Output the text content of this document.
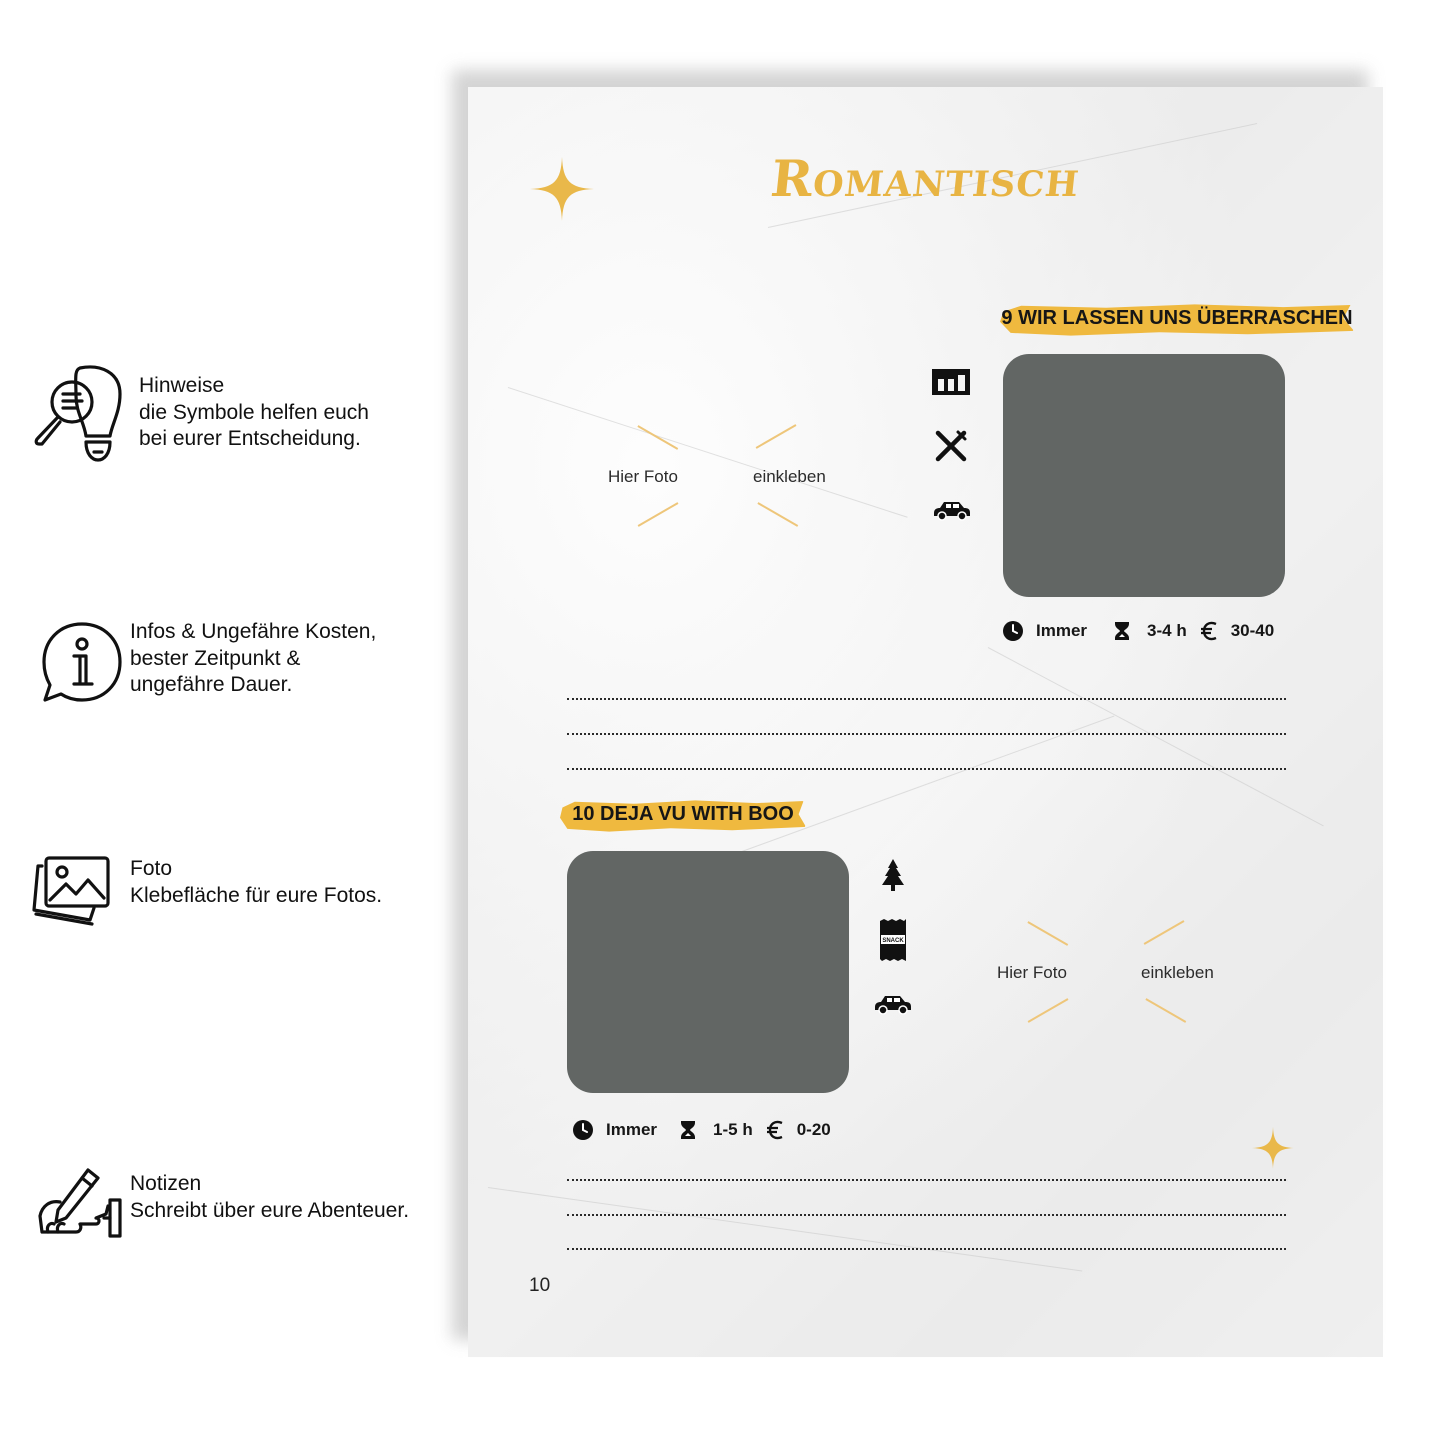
Hinweise
die Symbole helfen euch
bei eurer Entscheidung.
Infos & Ungefähre Kosten,
bester Zeitpunkt &
ungefähre Dauer.
Foto
Klebefläche für eure Fotos.
Notizen
Schreibt über eure Abenteuer.
Romantisch
9 WIR LASSEN UNS ÜBERRASCHEN
Hier Foto	einkleben
Immer	3-4 h	30-40
10 DEJA VU WITH BOO
SNACK
Hier Foto	einkleben
Immer	1-5 h	0-20
10
